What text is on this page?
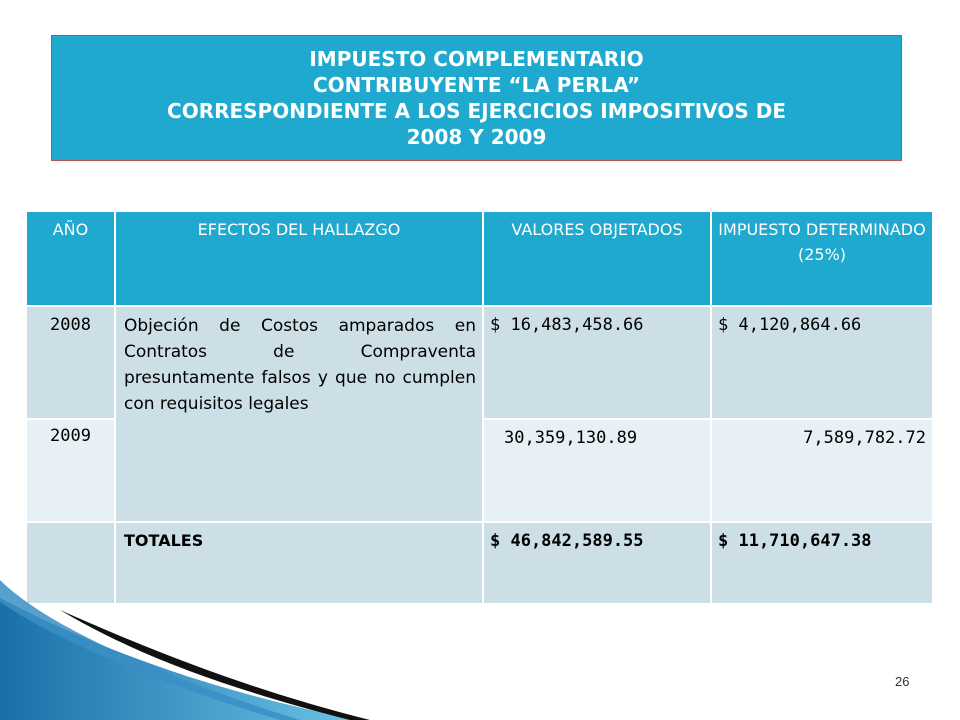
IMPUESTO COMPLEMENTARIO
CONTRIBUYENTE “LA PERLA”
CORRESPONDIENTE A LOS EJERCICIOS IMPOSITIVOS DE
2008 Y 2009
AÑO	EFECTOS DEL HALLAZGO	VALORES OBJETADOS	IMPUESTO DETERMINADO (25%)
2008	Objeción de Costos amparados en Contratos de Compraventa presuntamente falsos y que no cumplen con requisitos legales	$ 16,483,458.66	$ 4,120,864.66
2009		30,359,130.89	7,589,782.72
	TOTALES	$ 46,842,589.55	$ 11,710,647.38
26
